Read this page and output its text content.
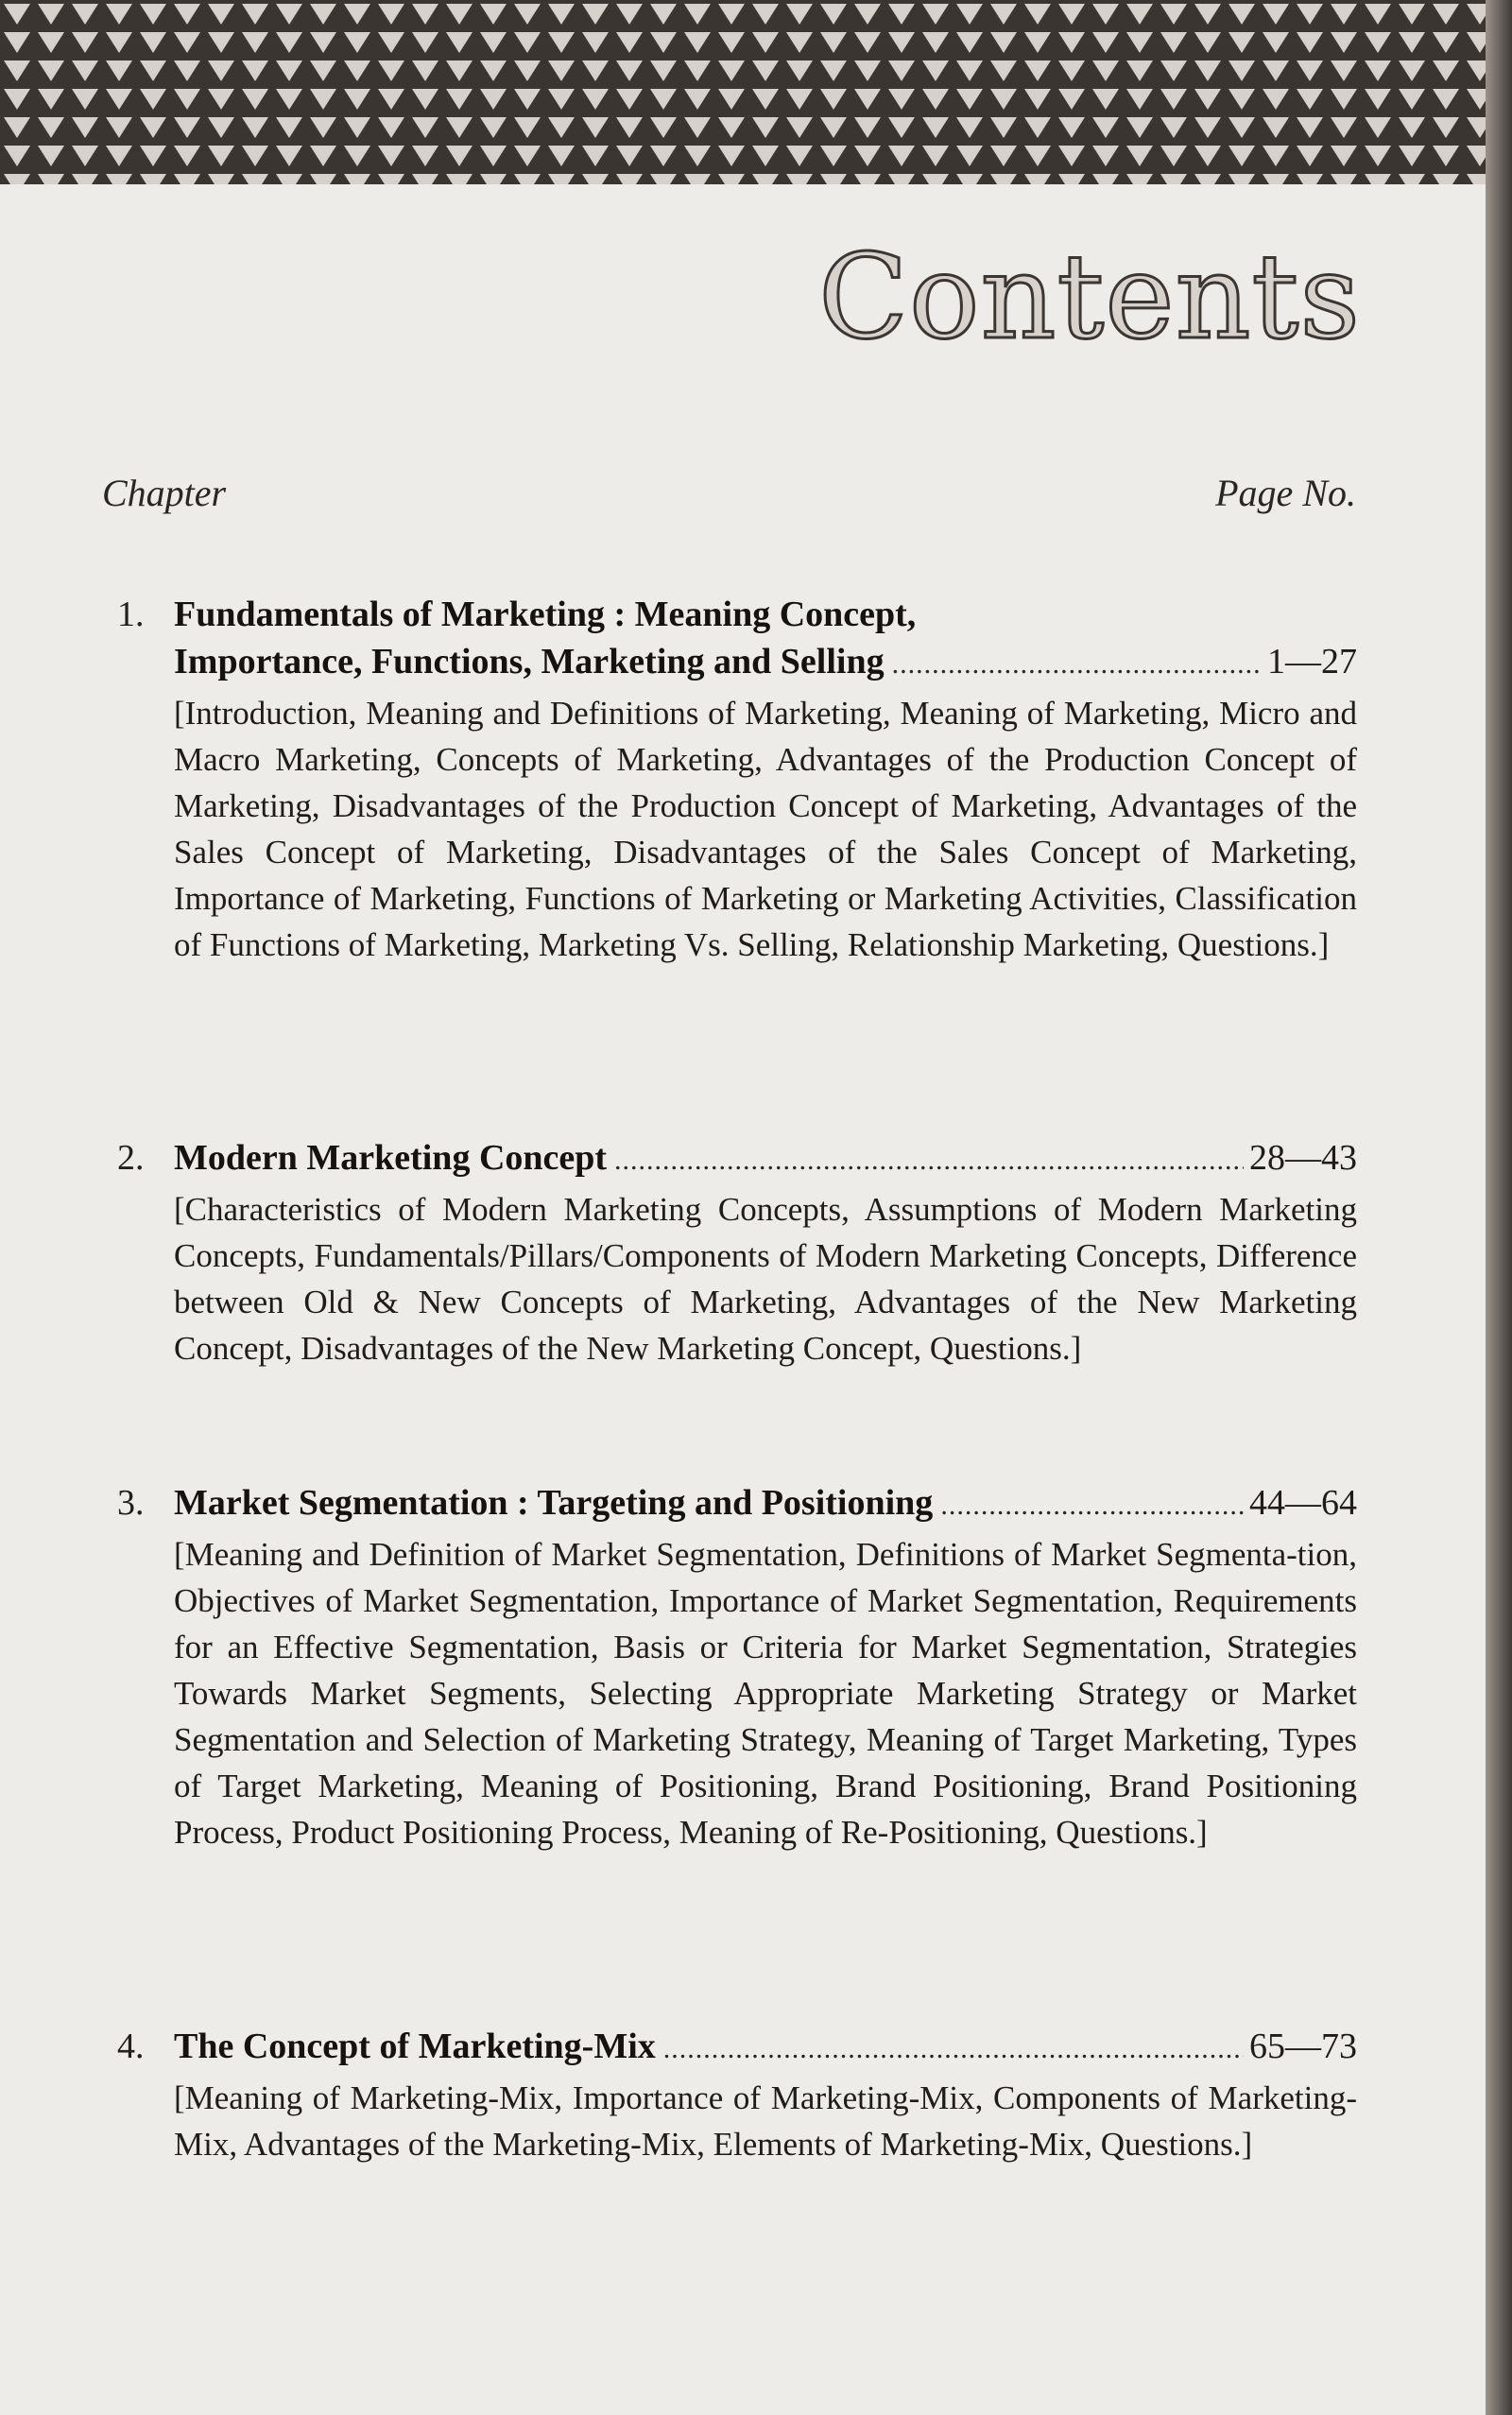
Contents
Chapter	Page No.
1. Fundamentals of Marketing : Meaning Concept,
Importance, Functions, Marketing and Selling .....	1—27

[Introduction, Meaning and Definitions of Marketing, Meaning of Marketing, Micro and Macro Marketing, Concepts of Marketing, Advantages of the Production Concept of Marketing, Disadvantages of the Production Concept of Marketing, Advantages of the Sales Concept of Marketing, Disadvantages of the Sales Concept of Marketing, Importance of Marketing, Functions of Marketing or Marketing Activities, Classification of Functions of Marketing, Marketing Vs. Selling, Relationship Marketing, Questions.]

2. Modern Marketing Concept .....	28—43

[Characteristics of Modern Marketing Concepts, Assumptions of Modern Marketing Concepts, Fundamentals/Pillars/Components of Modern Marketing Concepts, Difference between Old & New Concepts of Marketing, Advantages of the New Marketing Concept, Disadvantages of the New Marketing Concept, Questions.]

3. Market Segmentation : Targeting and Positioning .....	44—64

[Meaning and Definition of Market Segmentation, Definitions of Market Segmenta-tion, Objectives of Market Segmentation, Importance of Market Segmentation, Requirements for an Effective Segmentation, Basis or Criteria for Market Segmentation, Strategies Towards Market Segments, Selecting Appropriate Marketing Strategy or Market Segmentation and Selection of Marketing Strategy, Meaning of Target Marketing, Types of Target Marketing, Meaning of Positioning, Brand Positioning, Brand Positioning Process, Product Positioning Process, Meaning of Re-Positioning, Questions.]

4. The Concept of Marketing-Mix .....	65—73

[Meaning of Marketing-Mix, Importance of Marketing-Mix, Components of Marketing-Mix, Advantages of the Marketing-Mix, Elements of Marketing-Mix, Questions.]
